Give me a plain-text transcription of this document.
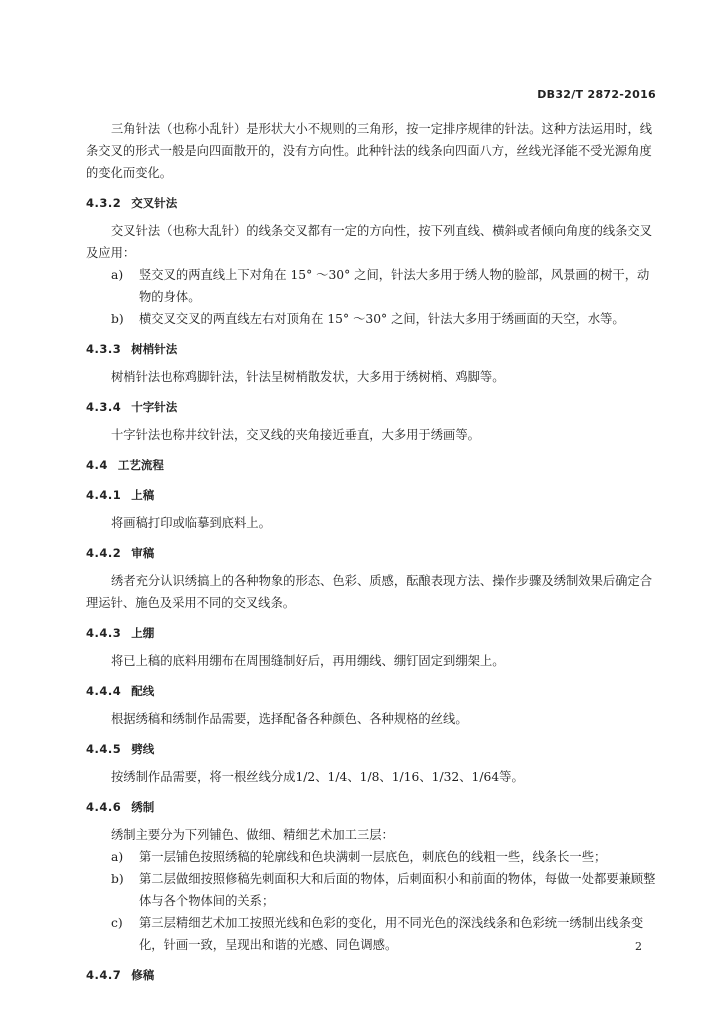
DB32/T 2872-2016

三角针法（也称小乱针）是形状大小不规则的三角形，按一定排序规律的针法。这种方法运用时，线条交叉的形式一般是向四面散开的，没有方向性。此种针法的线条向四面八方，丝线光泽能不受光源角度的变化而变化。

4.3.2 交叉针法

交叉针法（也称大乱针）的线条交叉都有一定的方向性，按下列直线、横斜或者倾向角度的线条交叉及应用：

a)	竖交叉的两直线上下对角在 15° ～30° 之间，针法大多用于绣人物的脸部，风景画的树干，动物的身体。
b)	横交叉交叉的两直线左右对顶角在 15° ～30° 之间，针法大多用于绣画面的天空，水等。
4.3.3 树梢针法

树梢针法也称鸡脚针法，针法呈树梢散发状，大多用于绣树梢、鸡脚等。

4.3.4 十字针法

十字针法也称井纹针法，交叉线的夹角接近垂直，大多用于绣画等。

4.4 工艺流程
4.4.1 上稿

将画稿打印或临摹到底料上。

4.4.2 审稿

绣者充分认识绣搞上的各种物象的形态、色彩、质感，酝酿表现方法、操作步骤及绣制效果后确定合理运针、施色及采用不同的交叉线条。

4.4.3 上绷

将已上稿的底料用绷布在周围缝制好后，再用绷线、绷钉固定到绷架上。

4.4.4 配线

根据绣稿和绣制作品需要，选择配备各种颜色、各种规格的丝线。

4.4.5 劈线

按绣制作品需要，将一根丝线分成1/2、1/4、1/8、1/16、1/32、1/64等。

4.4.6 绣制

绣制主要分为下列铺色、做细、精细艺术加工三层：

a)	第一层铺色按照绣稿的轮廓线和色块满刺一层底色，刺底色的线粗一些，线条长一些；
b)	第二层做细按照修稿先刺面积大和后面的物体，后刺面积小和前面的物体，每做一处都要兼顾整体与各个物体间的关系；
c)	第三层精细艺术加工按照光线和色彩的变化，用不同光色的深浅线条和色彩统一绣制出线条变化，针画一致，呈现出和谐的光感、同色调感。
4.4.7 修稿
2
